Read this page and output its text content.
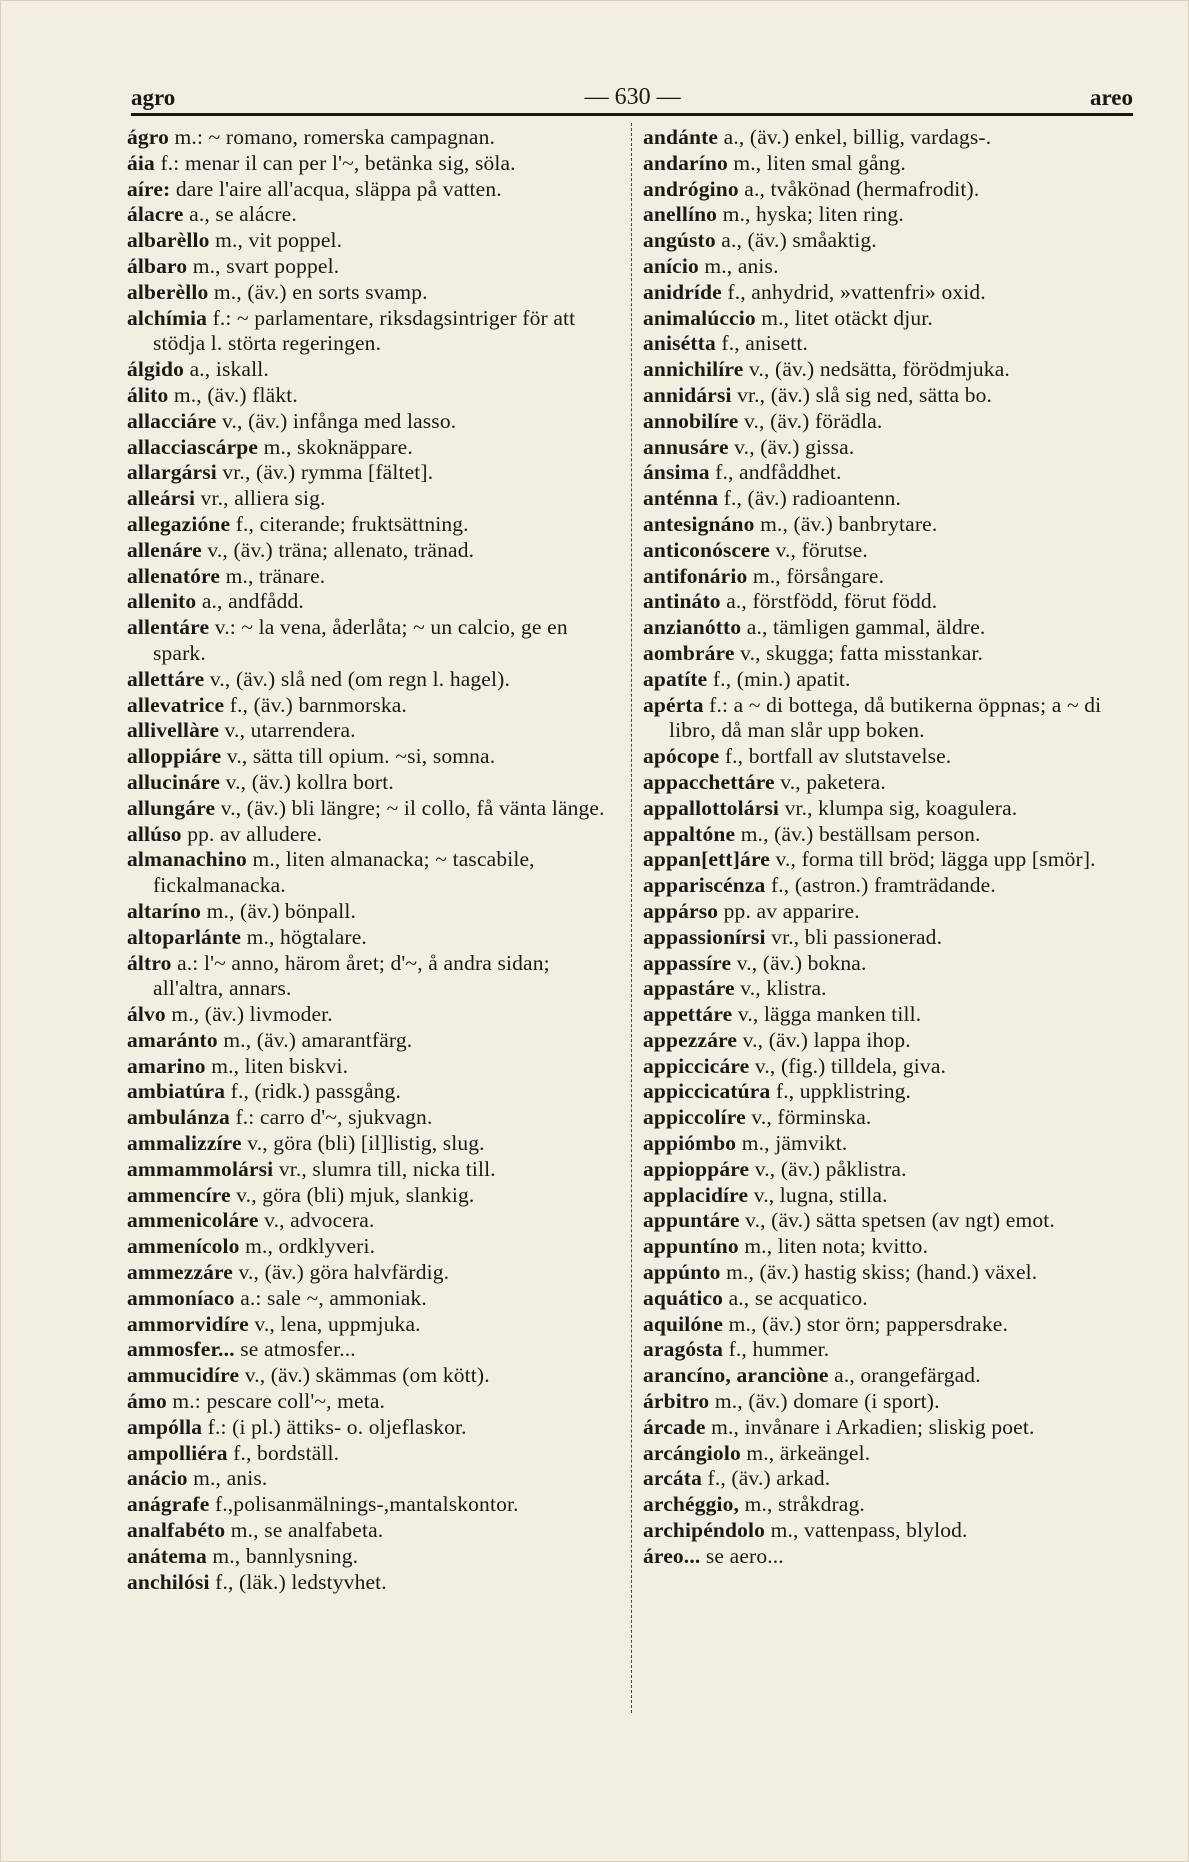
agro	— 630 —	areo
ágro m.: ~ romano, romerska campagnan.
áia f.: menar il can per l'~, betänka sig, söla.
aíre: dare l'aire all'acqua, släppa på vatten.
álacre a., se alácre.
albarèllo m., vit poppel.
álbaro m., svart poppel.
alberèllo m., (äv.) en sorts svamp.
alchímia f.: ~ parlamentare, riksdagsintriger för att stödja l. störta regeringen.
álgido a., iskall.
álito m., (äv.) fläkt.
allacciáre v., (äv.) infånga med lasso.
allacciascárpe m., skoknäppare.
allargársi vr., (äv.) rymma [fältet].
alleársi vr., alliera sig.
allegazióne f., citerande; fruktsättning.
allenáre v., (äv.) träna; allenato, tränad.
allenatóre m., tränare.
allenito a., andfådd.
allentáre v.: ~ la vena, åderlåta; ~ un calcio, ge en spark.
allettáre v., (äv.) slå ned (om regn l. hagel).
allevatrice f., (äv.) barnmorska.
allivellàre v., utarrendera.
alloppiáre v., sätta till opium. ~si, somna.
allucináre v., (äv.) kollra bort.
allungáre v., (äv.) bli längre; ~ il collo, få vänta länge.
allúso pp. av alludere.
almanachino m., liten almanacka; ~ tascabile, fickalmanacka.
altaríno m., (äv.) bönpall.
altoparlánte m., högtalare.
áltro a.: l'~ anno, härom året; d'~, å andra sidan; all'altra, annars.
álvo m., (äv.) livmoder.
amaránto m., (äv.) amarantfärg.
amarino m., liten biskvi.
ambiatúra f., (ridk.) passgång.
ambulánza f.: carro d'~, sjukvagn.
ammalizzíre v., göra (bli) [il]listig, slug.
ammammolársi vr., slumra till, nicka till.
ammencíre v., göra (bli) mjuk, slankig.
ammenicoláre v., advocera.
ammenícolo m., ordklyveri.
ammezzáre v., (äv.) göra halvfärdig.
ammoníaco a.: sale ~, ammoniak.
ammorvidíre v., lena, uppmjuka.
ammosfer... se atmosfer...
ammucidíre v., (äv.) skämmas (om kött).
ámo m.: pescare coll'~, meta.
ampólla f.: (i pl.) ättiks- o. oljeflaskor.
ampolliéra f., bordställ.
anácio m., anis.
anágrafe f.,polisanmälnings-,mantalskontor.
analfabéto m., se analfabeta.
anátema m., bannlysning.
anchilósi f., (läk.) ledstyvhet.
andánte a., (äv.) enkel, billig, vardags-.
andaríno m., liten smal gång.
andrógino a., tvåkönad (hermafrodit).
anellíno m., hyska; liten ring.
angústo a., (äv.) småaktig.
anício m., anis.
anidríde f., anhydrid, »vattenfri» oxid.
animalúccio m., litet otäckt djur.
anisétta f., anisett.
annichilíre v., (äv.) nedsätta, förödmjuka.
annidársi vr., (äv.) slå sig ned, sätta bo.
annobilíre v., (äv.) förädla.
annusáre v., (äv.) gissa.
ánsima f., andfåddhet.
anténna f., (äv.) radioantenn.
antesignáno m., (äv.) banbrytare.
anticonóscere v., förutse.
antifonário m., försångare.
antináto a., förstfödd, förut född.
anzianótto a., tämligen gammal, äldre.
aombráre v., skugga; fatta misstankar.
apatíte f., (min.) apatit.
apérta f.: a ~ di bottega, då butikerna öppnas; a ~ di libro, då man slår upp boken.
apócope f., bortfall av slutstavelse.
appacchettáre v., paketera.
appallottolársi vr., klumpa sig, koagulera.
appaltóne m., (äv.) beställsam person.
appan[ett]áre v., forma till bröd; lägga upp [smör].
appariscénza f., (astron.) framträdande.
appárso pp. av apparire.
appassionírsi vr., bli passionerad.
appassíre v., (äv.) bokna.
appastáre v., klistra.
appettáre v., lägga manken till.
appezzáre v., (äv.) lappa ihop.
appiccicáre v., (fig.) tilldela, giva.
appiccicatúra f., uppklistring.
appiccolíre v., förminska.
appiómbo m., jämvikt.
appioppáre v., (äv.) påklistra.
applacidíre v., lugna, stilla.
appuntáre v., (äv.) sätta spetsen (av ngt) emot.
appuntíno m., liten nota; kvitto.
appúnto m., (äv.) hastig skiss; (hand.) växel.
aquático a., se acquatico.
aquilóne m., (äv.) stor örn; pappersdrake.
aragósta f., hummer.
arancíno, aranciòne a., orangefärgad.
árbitro m., (äv.) domare (i sport).
árcade m., invånare i Arkadien; sliskig poet.
arcángiolo m., ärkeängel.
arcáta f., (äv.) arkad.
archéggio, m., stråkdrag.
archipéndolo m., vattenpass, blylod.
áreo... se aero...
